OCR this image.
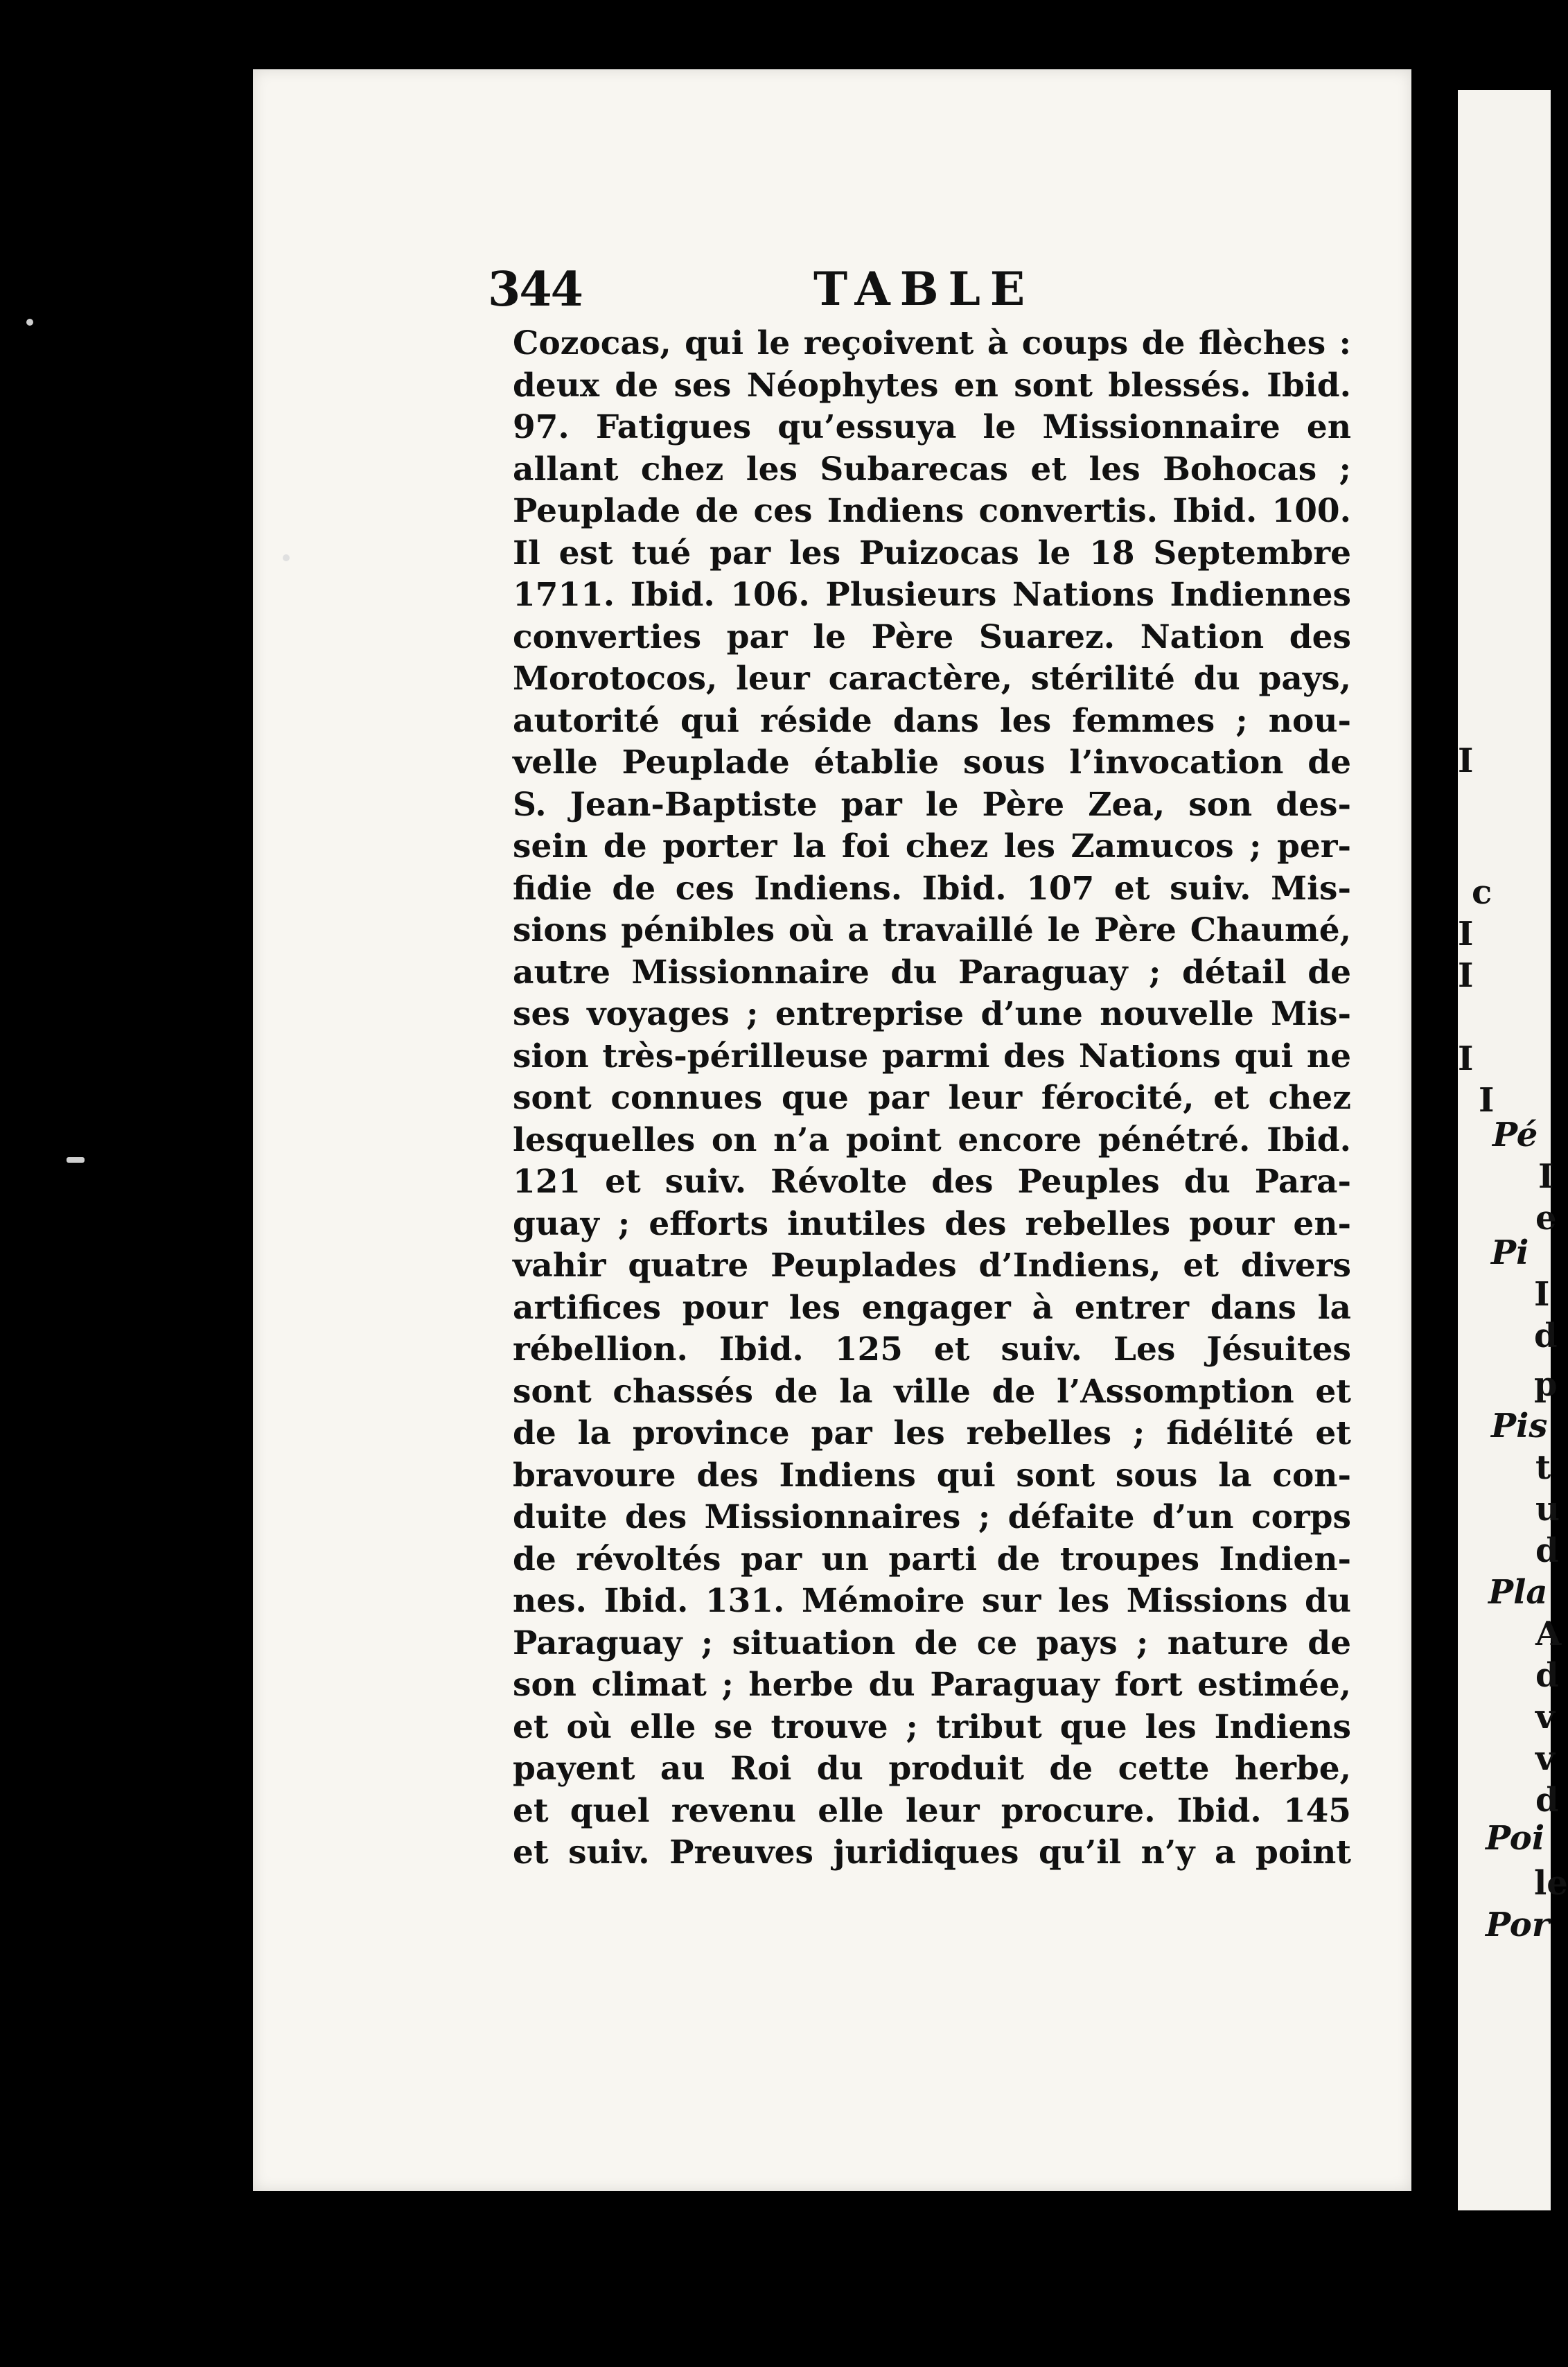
344	TABLE
Cozocas, qui le reçoivent à coups de flèches :
deux de ses Néophytes en sont blessés. Ibid.
97. Fatigues qu’essuya le Missionnaire en
allant chez les Subarecas et les Bohocas ;
Peuplade de ces Indiens convertis. Ibid. 100.
Il est tué par les Puizocas le 18 Septembre
1711. Ibid. 106. Plusieurs Nations Indiennes
converties par le Père Suarez. Nation des
Morotocos, leur caractère, stérilité du pays,
autorité qui réside dans les femmes ; nou-
velle Peuplade établie sous l’invocation de
S. Jean-Baptiste par le Père Zea, son des-
sein de porter la foi chez les Zamucos ; per-
fidie de ces Indiens. Ibid. 107 et suiv. Mis-
sions pénibles où a travaillé le Père Chaumé,
autre Missionnaire du Paraguay ; détail de
ses voyages ; entreprise d’une nouvelle Mis-
sion très-périlleuse parmi des Nations qui ne
sont connues que par leur férocité, et chez
lesquelles on n’a point encore pénétré. Ibid.
121 et suiv. Révolte des Peuples du Para-
guay ; efforts inutiles des rebelles pour en-
vahir quatre Peuplades d’Indiens, et divers
artifices pour les engager à entrer dans la
rébellion. Ibid. 125 et suiv. Les Jésuites
sont chassés de la ville de l’Assomption et
de la province par les rebelles ; fidélité et
bravoure des Indiens qui sont sous la con-
duite des Missionnaires ; défaite d’un corps
de révoltés par un parti de troupes Indien-
nes. Ibid. 131. Mémoire sur les Missions du
Paraguay ; situation de ce pays ; nature de
son climat ; herbe du Paraguay fort estimée,
et où elle se trouve ; tribut que les Indiens
payent au Roi du produit de cette herbe,
et quel revenu elle leur procure. Ibid. 145
et suiv. Preuves juridiques qu’il n’y a point
I
c
I
I
I
I
Pé
I
e
Pi
I
d
p
Pis
t
u
d
Pla
A
d
v
v
d
Poi
le
Por
